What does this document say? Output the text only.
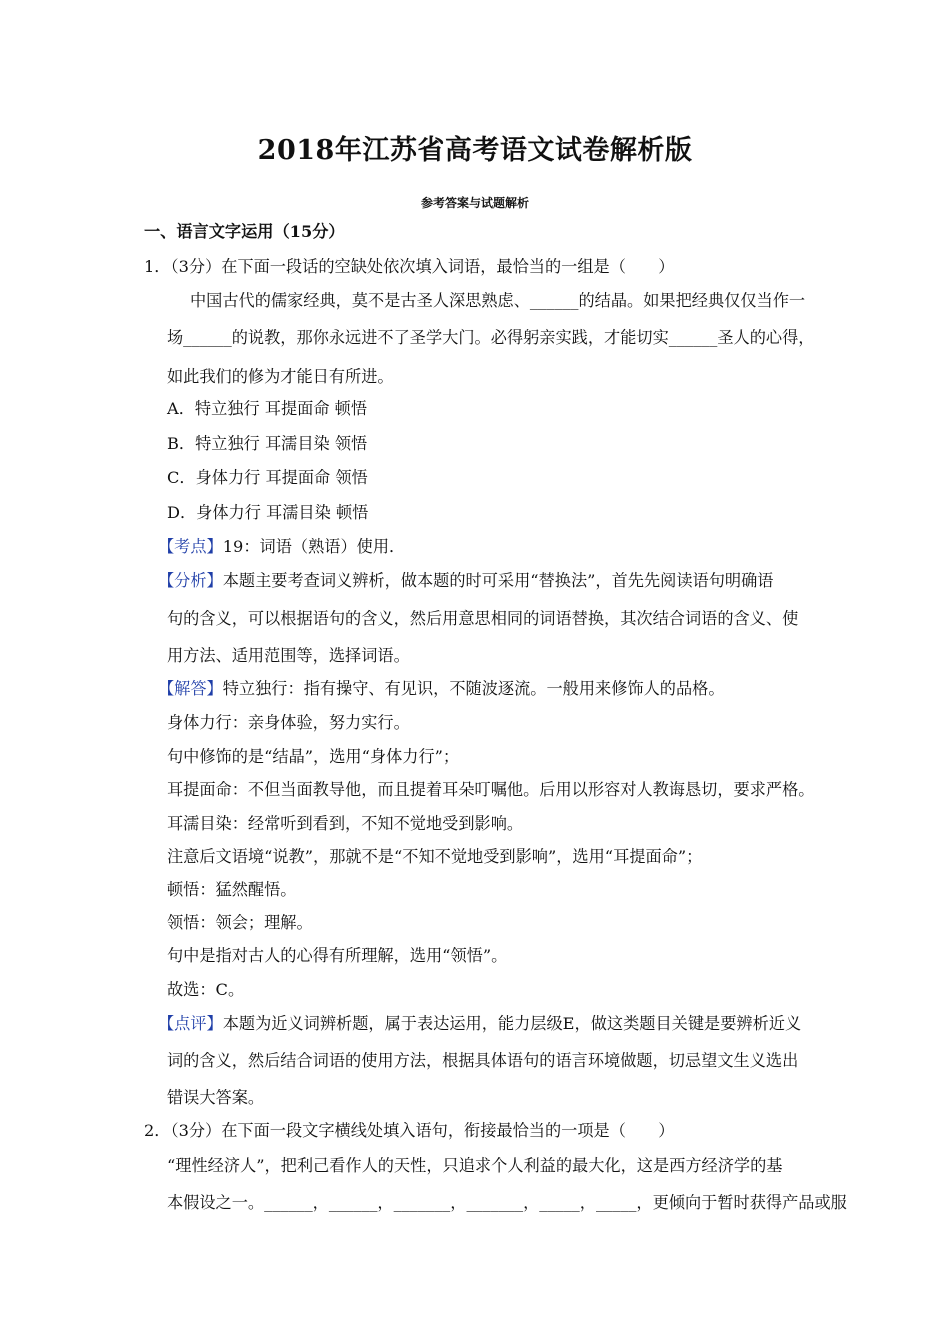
2018年江苏省高考语文试卷解析版
参考答案与试题解析
一、语言文字运用（15分）
1．（3分）在下面一段话的空缺处依次填入词语，最恰当的一组是（　　）
中国古代的儒家经典，莫不是古圣人深思熟虑、______的结晶。如果把经典仅仅当作一
场______的说教，那你永远进不了圣学大门。必得躬亲实践，才能切实______圣人的心得，
如此我们的修为才能日有所进。
A．特立独行 耳提面命 顿悟
B．特立独行 耳濡目染 领悟
C．身体力行 耳提面命 领悟
D．身体力行 耳濡目染 顿悟
【考点】19：词语（熟语）使用．
【分析】本题主要考查词义辨析，做本题的时可采用“替换法”，首先先阅读语句明确语
句的含义，可以根据语句的含义，然后用意思相同的词语替换，其次结合词语的含义、使
用方法、适用范围等，选择词语。
【解答】特立独行：指有操守、有见识，不随波逐流。一般用来修饰人的品格。
身体力行：亲身体验，努力实行。
句中修饰的是“结晶”，选用“身体力行”；
耳提面命：不但当面教导他，而且提着耳朵叮嘱他。后用以形容对人教诲恳切，要求严格。
耳濡目染：经常听到看到，不知不觉地受到影响。
注意后文语境“说教”，那就不是“不知不觉地受到影响”，选用“耳提面命”；
顿悟：猛然醒悟。
领悟：领会；理解。
句中是指对古人的心得有所理解，选用“领悟”。
故选：C。
【点评】本题为近义词辨析题，属于表达运用，能力层级E，做这类题目关键是要辨析近义
词的含义，然后结合词语的使用方法，根据具体语句的语言环境做题，切忌望文生义选出
错误大答案。
2．（3分）在下面一段文字横线处填入语句，衔接最恰当的一项是（　　）
“理性经济人”，把利己看作人的天性，只追求个人利益的最大化，这是西方经济学的基
本假设之一。______，______，_______，_______，_____，_____，更倾向于暂时获得产品或服
